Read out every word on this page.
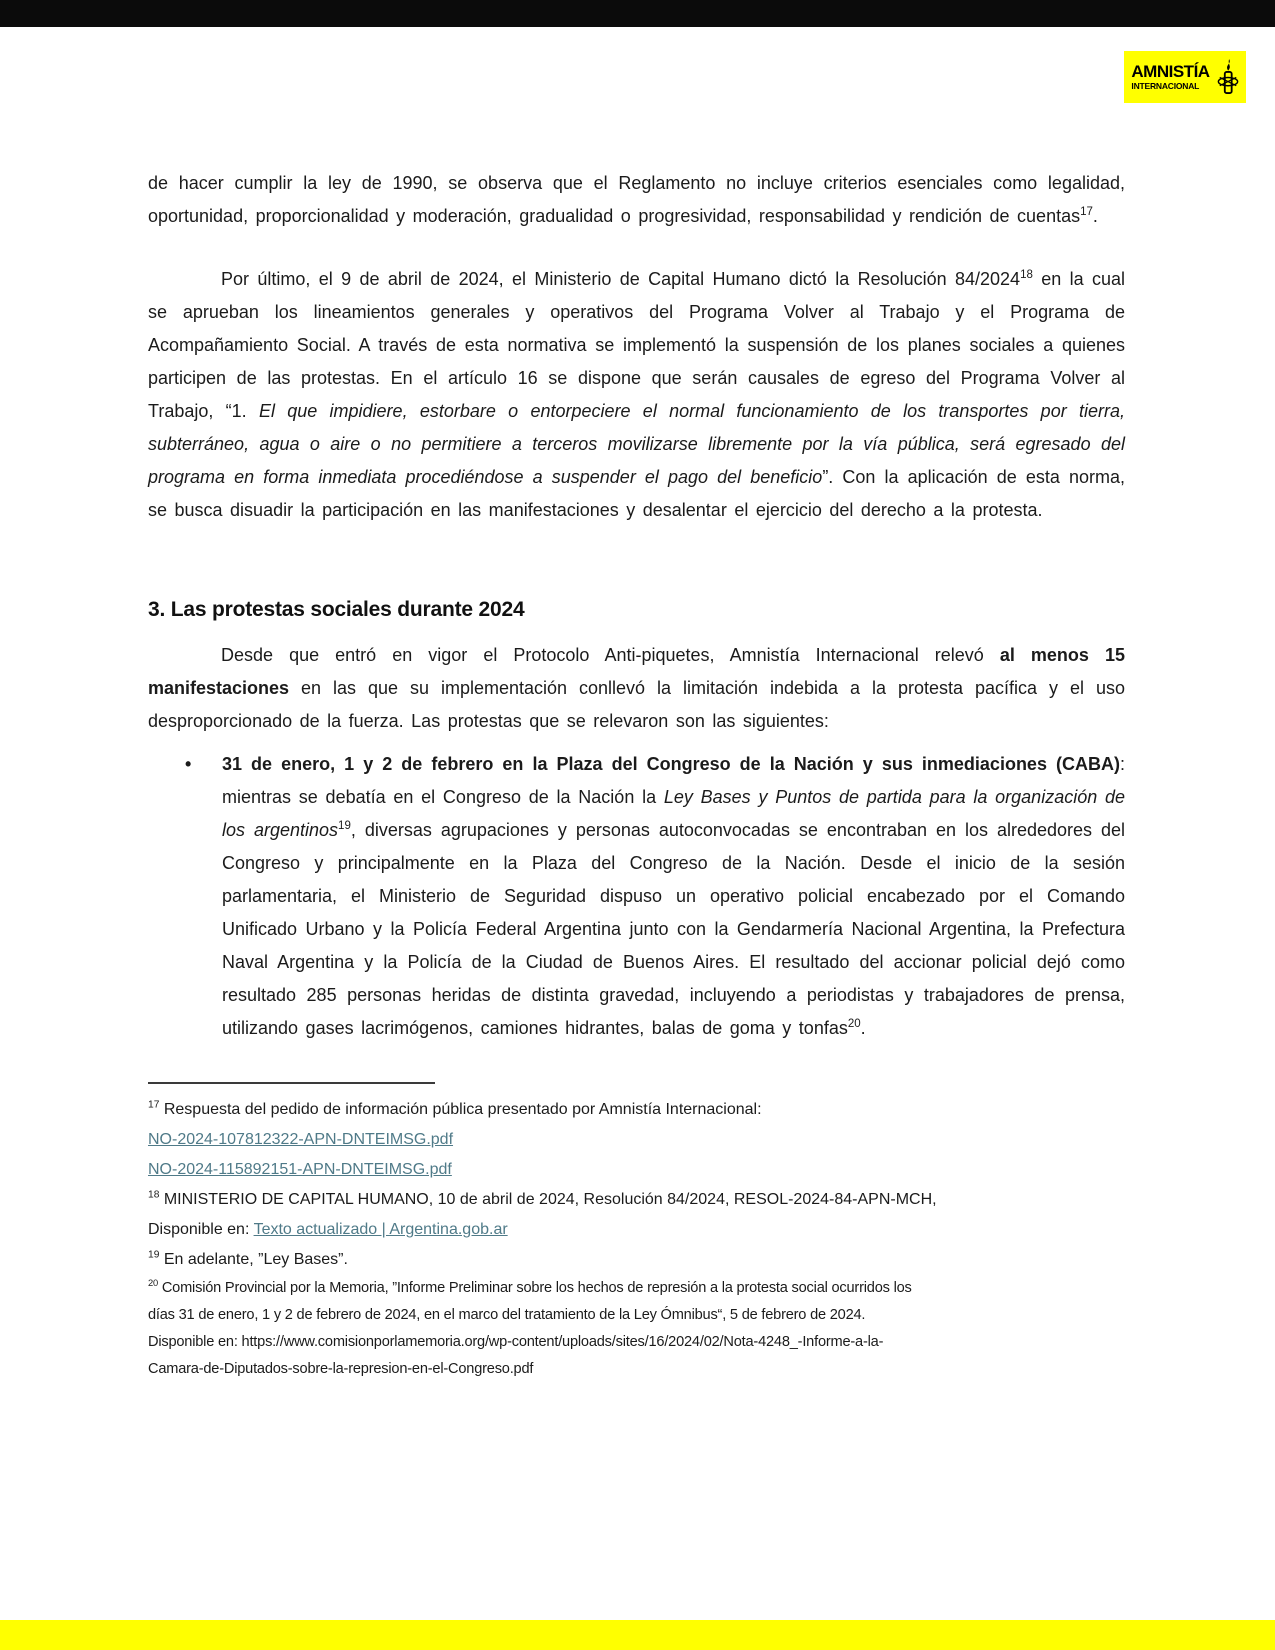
AMNISTÍA
INTERNACIONAL

de hacer cumplir la ley de 1990, se observa que el Reglamento no incluye criterios esenciales como legalidad, oportunidad, proporcionalidad y moderación, gradualidad o progresividad, responsabilidad y rendición de cuentas$^{17}$.

Por último, el 9 de abril de 2024, el Ministerio de Capital Humano dictó la Resolución 84/2024$^{18}$ en la cual se aprueban los lineamientos generales y operativos del Programa Volver al Trabajo y el Programa de Acompañamiento Social. A través de esta normativa se implementó la suspensión de los planes sociales a quienes participen de las protestas. En el artículo 16 se dispone que serán causales de egreso del Programa Volver al Trabajo, “1. El que impidiere, estorbare o entorpeciere el normal funcionamiento de los transportes por tierra, subterráneo, agua o aire o no permitiere a terceros movilizarse libremente por la vía pública, será egresado del programa en forma inmediata procediéndose a suspender el pago del beneficio”. Con la aplicación de esta norma, se busca disuadir la participación en las manifestaciones y desalentar el ejercicio del derecho a la protesta.

3. Las protestas sociales durante 2024

Desde que entró en vigor el Protocolo Anti-piquetes, Amnistía Internacional relevó al menos 15 manifestaciones en las que su implementación conllevó la limitación indebida a la protesta pacífica y el uso desproporcionado de la fuerza. Las protestas que se relevaron son las siguientes:

•	31 de enero, 1 y 2 de febrero en la Plaza del Congreso de la Nación y sus inmediaciones (CABA): mientras se debatía en el Congreso de la Nación la Ley Bases y Puntos de partida para la organización de los argentinos$^{19}$, diversas agrupaciones y personas autoconvocadas se encontraban en los alrededores del Congreso y principalmente en la Plaza del Congreso de la Nación. Desde el inicio de la sesión parlamentaria, el Ministerio de Seguridad dispuso un operativo policial encabezado por el Comando Unificado Urbano y la Policía Federal Argentina junto con la Gendarmería Nacional Argentina, la Prefectura Naval Argentina y la Policía de la Ciudad de Buenos Aires. El resultado del accionar policial dejó como resultado 285 personas heridas de distinta gravedad, incluyendo a periodistas y trabajadores de prensa, utilizando gases lacrimógenos, camiones hidrantes, balas de goma y tonfas$^{20}$.

$^{17}$ Respuesta del pedido de información pública presentado por Amnistía Internacional:
NO-2024-107812322-APN-DNTEIMSG.pdf
NO-2024-115892151-APN-DNTEIMSG.pdf
$^{18}$ MINISTERIO DE CAPITAL HUMANO, 10 de abril de 2024, Resolución 84/2024, RESOL-2024-84-APN-MCH,
Disponible en: Texto actualizado | Argentina.gob.ar
$^{19}$ En adelante, ”Ley Bases”.
$^{20}$ Comisión Provincial por la Memoria, ”Informe Preliminar sobre los hechos de represión a la protesta social ocurridos los
días 31 de enero, 1 y 2 de febrero de 2024, en el marco del tratamiento de la Ley Ómnibus“, 5 de febrero de 2024.
Disponible en: https://www.comisionporlamemoria.org/wp-content/uploads/sites/16/2024/02/Nota-4248_-Informe-a-la-
Camara-de-Diputados-sobre-la-represion-en-el-Congreso.pdf
